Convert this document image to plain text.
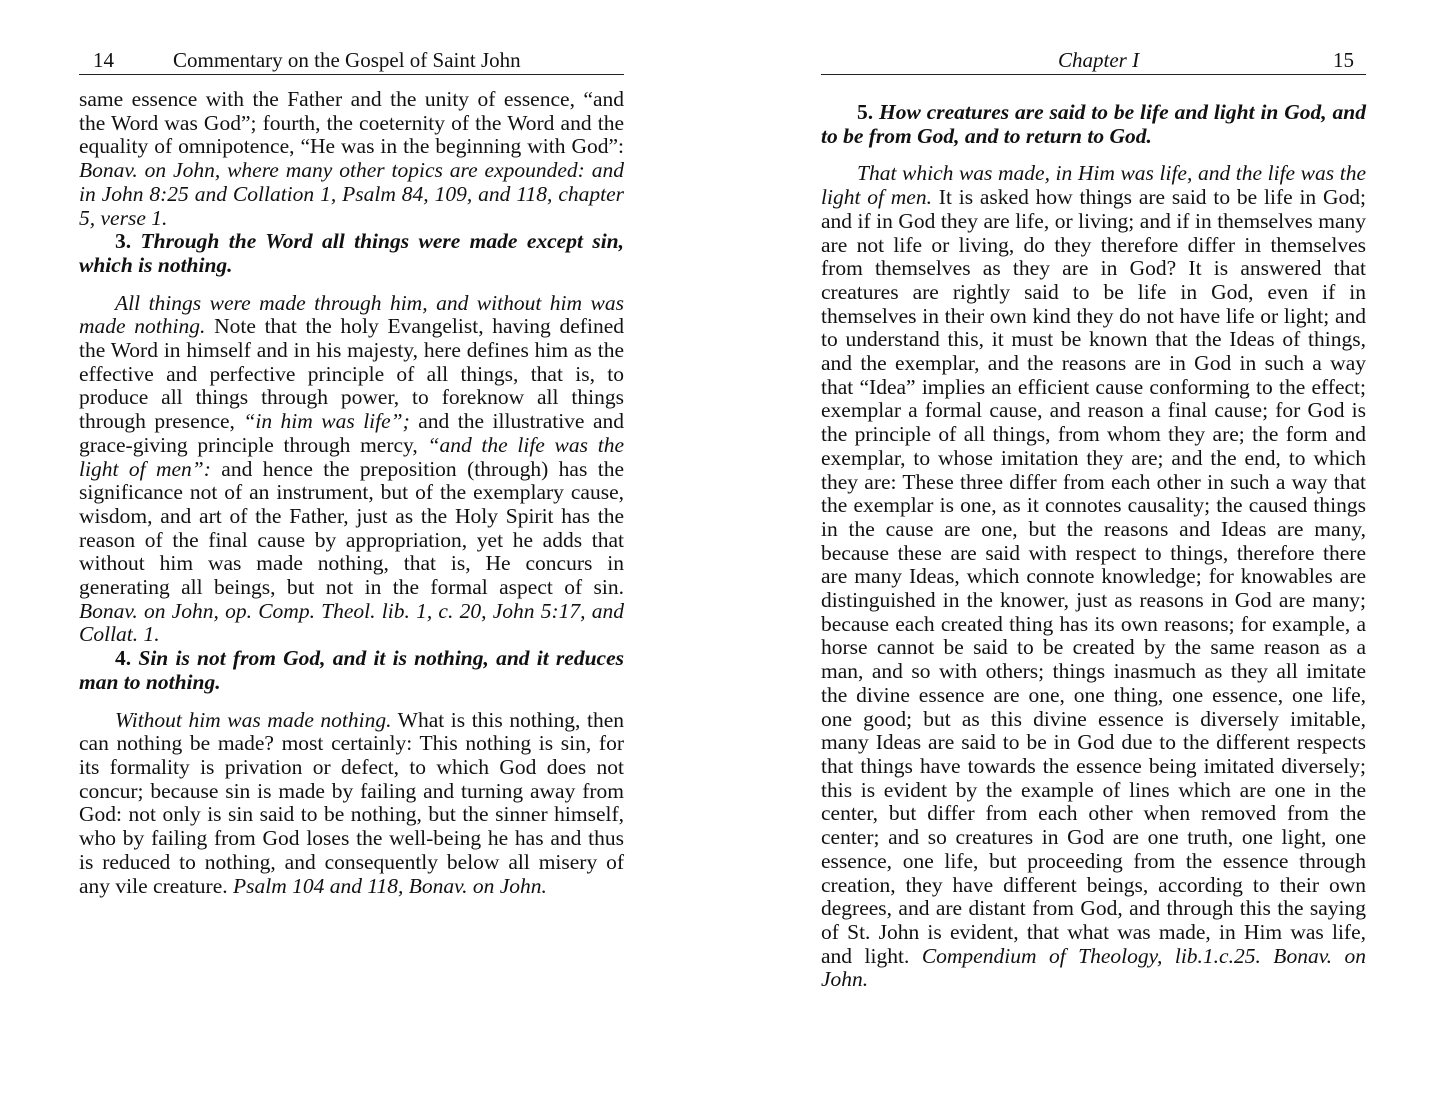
14	Commentary on the Gospel of Saint John

same essence with the Father and the unity of essence, “and the Word was God”; fourth, the coeternity of the Word and the equality of omnipotence, “He was in the beginning with God”: Bonav. on John, where many other topics are expounded: and in John 8:25 and Collation 1, Psalm 84, 109, and 118, chapter 5, verse 1.

3. Through the Word all things were made except sin, which is nothing.

All things were made through him, and without him was made nothing. Note that the holy Evangelist, having defined the Word in himself and in his majesty, here defines him as the effective and perfective principle of all things, that is, to produce all things through power, to foreknow all things through presence, “in him was life”; and the illustrative and grace-giving principle through mercy, “and the life was the light of men”: and hence the preposition (through) has the significance not of an instrument, but of the exemplary cause, wisdom, and art of the Father, just as the Holy Spirit has the reason of the final cause by appropriation, yet he adds that without him was made nothing, that is, He concurs in generating all beings, but not in the formal aspect of sin. Bonav. on John, op. Comp. Theol. lib. 1, c. 20, John 5:17, and Collat. 1.

4. Sin is not from God, and it is nothing, and it reduces man to nothing.

Without him was made nothing. What is this nothing, then can nothing be made? most certainly: This nothing is sin, for its formality is privation or defect, to which God does not concur; because sin is made by failing and turning away from God: not only is sin said to be nothing, but the sinner himself, who by failing from God loses the well-being he has and thus is reduced to nothing, and consequently below all misery of any vile creature. Psalm 104 and 118, Bonav. on John.

Chapter I	15
5. How creatures are said to be life and light in God, and to be from God, and to return to God.

That which was made, in Him was life, and the life was the light of men. It is asked how things are said to be life in God; and if in God they are life, or living; and if in themselves many are not life or living, do they therefore differ in themselves from themselves as they are in God? It is answered that creatures are rightly said to be life in God, even if in themselves in their own kind they do not have life or light; and to understand this, it must be known that the Ideas of things, and the exemplar, and the reasons are in God in such a way that “Idea” implies an efficient cause conforming to the effect; exemplar a formal cause, and reason a final cause; for God is the principle of all things, from whom they are; the form and exemplar, to whose imitation they are; and the end, to which they are: These three differ from each other in such a way that the exemplar is one, as it connotes causality; the caused things in the cause are one, but the reasons and Ideas are many, because these are said with respect to things, therefore there are many Ideas, which connote knowledge; for knowables are distinguished in the knower, just as reasons in God are many; because each created thing has its own reasons; for example, a horse cannot be said to be created by the same reason as a man, and so with others; things inasmuch as they all imitate the divine essence are one, one thing, one essence, one life, one good; but as this divine essence is diversely imitable, many Ideas are said to be in God due to the different respects that things have towards the essence being imitated diversely; this is evident by the example of lines which are one in the center, but differ from each other when removed from the center; and so creatures in God are one truth, one light, one essence, one life, but proceeding from the essence through creation, they have different beings, according to their own degrees, and are distant from God, and through this the saying of St. John is evident, that what was made, in Him was life, and light. Compendium of Theology, lib.1.c.25. Bonav. on John.
